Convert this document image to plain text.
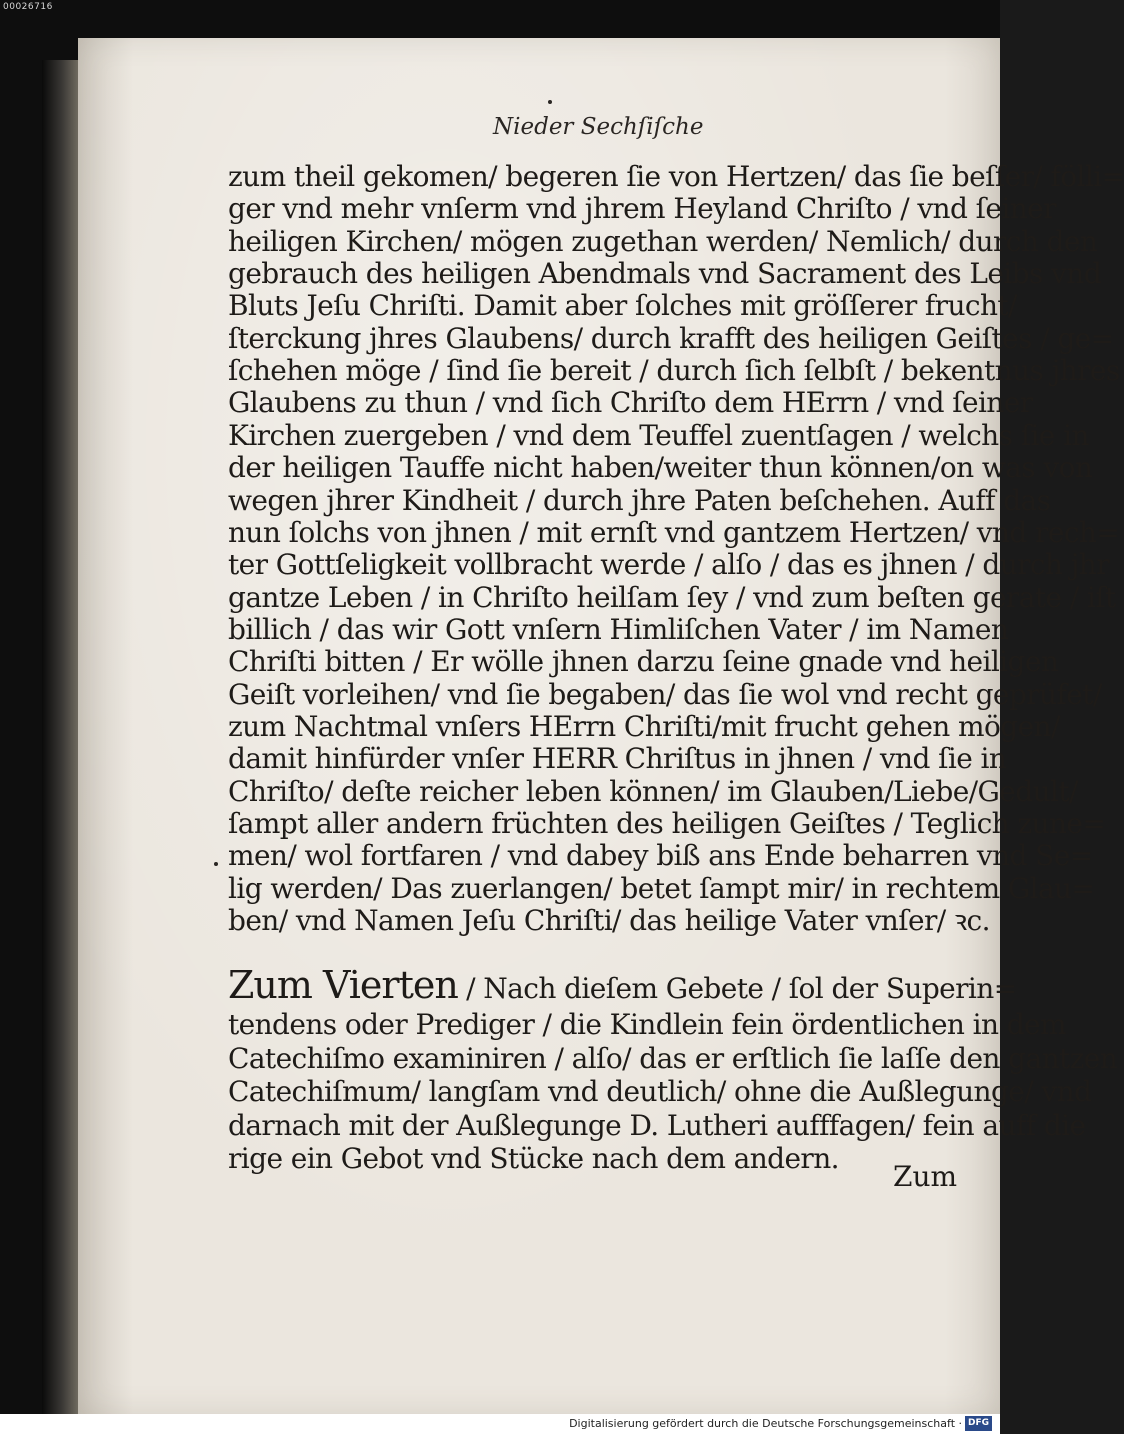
00026716
Nieder Sechſiſche
zum theil gekomen/ begeren ſie von Hertzen/ das ſie beſſer/ fölli=
ger vnd mehr vnſerm vnd jhrem Heyland Chriſto / vnd ſeiner
heiligen Kirchen/ mögen zugethan werden/ Nemlich/ durch den
gebrauch des heiligen Abendmals vnd Sacrament des Leibs vnd
Bluts Jeſu Chriſti. Damit aber ſolches mit gröſſerer frucht/
ſterckung jhres Glaubens/ durch krafft des heiligen Geiſtes / ge=
ſchehen möge / ſind ſie bereit / durch ſich ſelbſt / bekentnus jhres
Glaubens zu thun / vnd ſich Chriſto dem HErrn / vnd ſeiner
Kirchen zuergeben / vnd dem Teuffel zuentſagen / welchs ſie in
der heiligen Tauffe nicht haben/weiter thun können/on was von
wegen jhrer Kindheit / durch jhre Paten beſchehen. Auff das
nun ſolchs von jhnen / mit ernſt vnd gantzem Hertzen/ vnd rech=
ter Gottſeligkeit vollbracht werde / alſo / das es jhnen / durch jhr
gantze Leben / in Chriſto heilſam ſey / vnd zum beſten gerate / iſt
billich / das wir Gott vnſern Himliſchen Vater / im Namen
Chriſti bitten / Er wölle jhnen darzu ſeine gnade vnd heiligen
Geiſt vorleihen/ vnd ſie begaben/ das ſie wol vnd recht geprüfet/
zum Nachtmal vnſers HErrn Chriſti/mit frucht gehen mögen/
damit hinfürder vnſer HERR Chriſtus in jhnen / vnd ſie in
Chriſto/ deſte reicher leben können/ im Glauben/Liebe/Gedult/
ſampt aller andern früchten des heiligen Geiſtes / Teglich zune=
men/ wol fortfaren / vnd dabey biß ans Ende beharren vnd Se=
lig werden/ Das zuerlangen/ betet ſampt mir/ in rechtem Glau=
ben/ vnd Namen Jeſu Chriſti/ das heilige Vater vnſer/ ꝛc.
Zum Vierten / Nach dieſem Gebete / ſol der Superin=
tendens oder Prediger / die Kindlein fein ördentlichen in dem
Catechiſmo examiniren / alſo/ das er erſtlich ſie laſſe den gantzen
Catechiſmum/ langſam vnd deutlich/ ohne die Außlegunge/ vnd
darnach mit der Außlegunge D. Lutheri aufffagen/ fein auff die
rige ein Gebot vnd Stücke nach dem andern.
Zum
Digitalisierung gefördert durch die Deutsche Forschungsgemeinschaft · DFG
